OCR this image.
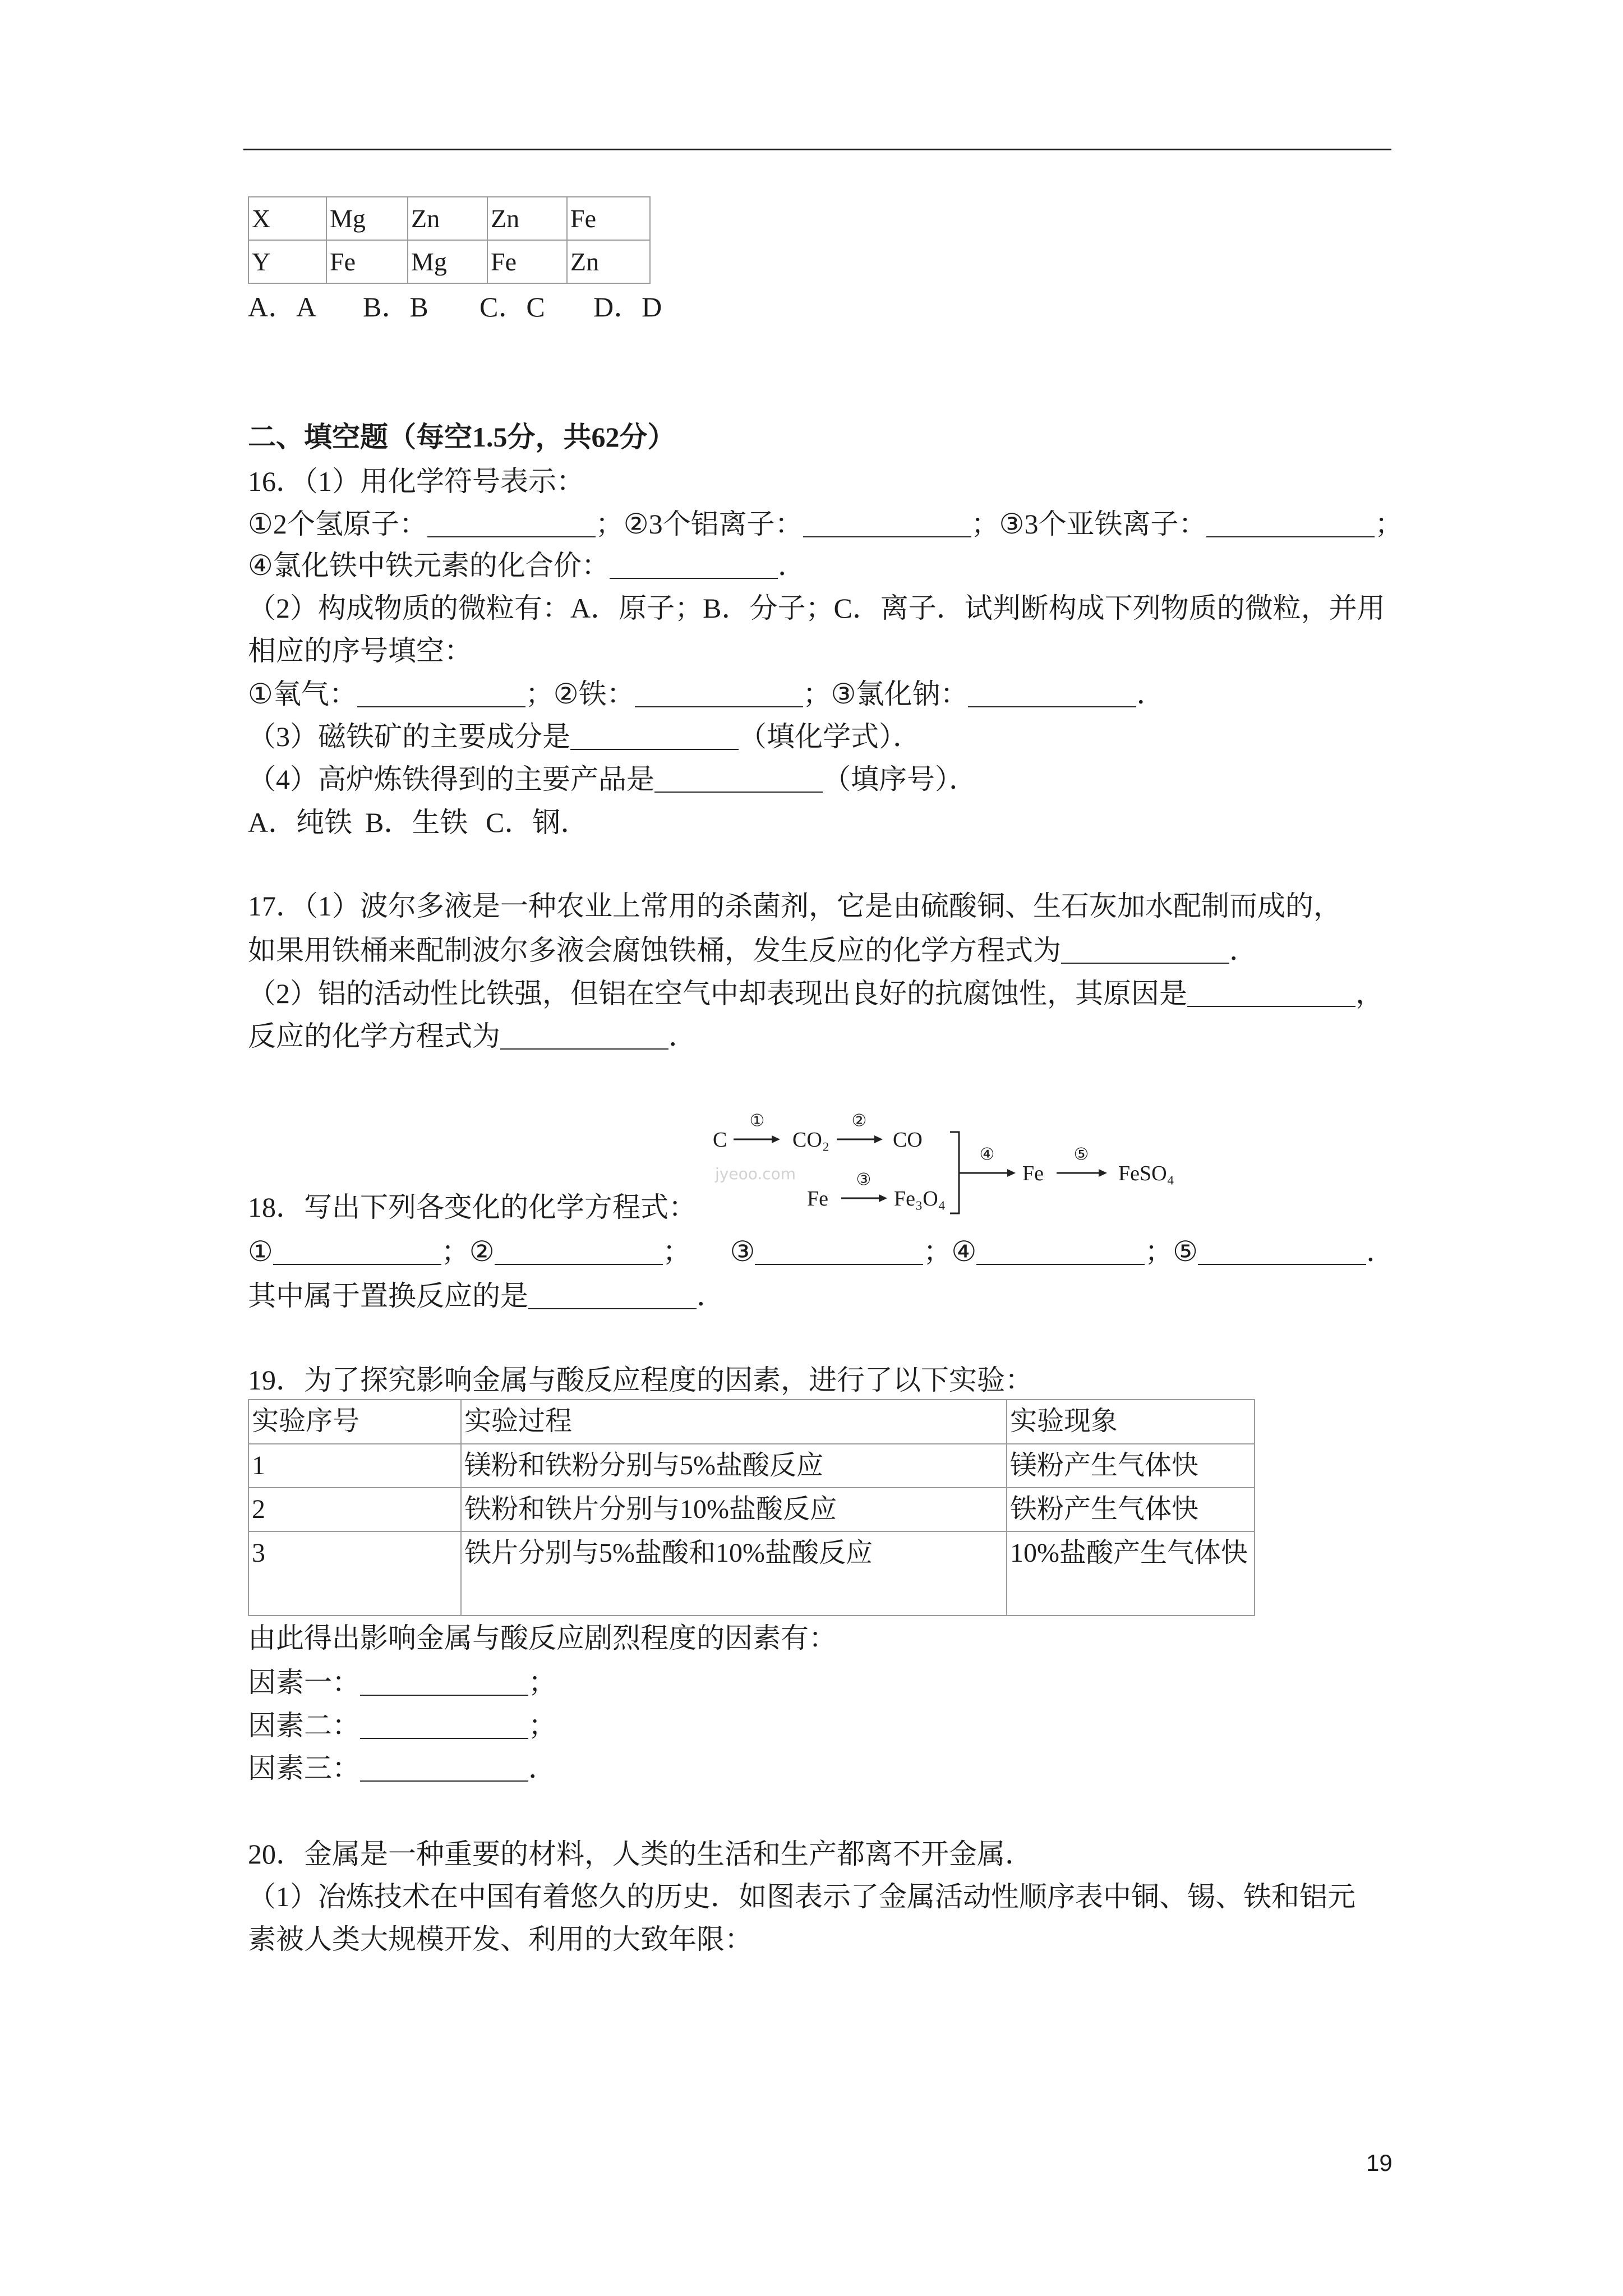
X	Mg	Zn	Zn	Fe
Y	Fe	Mg	Fe	Zn
A．A B．B C．C D．D
二、填空题（每空1.5分，共62分）
16．（1）用化学符号表示：
①2个氢原子：	；②3个铝离子：	；③3个亚铁离子：	；
④氯化铁中铁元素的化合价：	．
（2）构成物质的微粒有：A．原子；B．分子；C．离子．试判断构成下列物质的微粒，并用
相应的序号填空：
①氧气：	；②铁：	；③氯化钠：	．
（3）磁铁矿的主要成分是	（填化学式）．
（4）高炉炼铁得到的主要产品是	（填序号）．
A．纯铁 B．生铁 C．钢．
17．（1）波尔多液是一种农业上常用的杀菌剂，它是由硫酸铜、生石灰加水配制而成的，
如果用铁桶来配制波尔多液会腐蚀铁桶，发生反应的化学方程式为	．
（2）铝的活动性比铁强，但铝在空气中却表现出良好的抗腐蚀性，其原因是	，
反应的化学方程式为	．
jyeoo.com
C
①
CO₂
②
CO
Fe
③
Fe₃O₄
④
Fe
⑤
FeSO₄
18．写出下列各变化的化学方程式：
①	；②	； ③	；④	；⑤	．
其中属于置换反应的是	．
19．为了探究影响金属与酸反应程度的因素，进行了以下实验：
实验序号	实验过程	实验现象
1	镁粉和铁粉分别与5%盐酸反应	镁粉产生气体快
2	铁粉和铁片分别与10%盐酸反应	铁粉产生气体快
3	铁片分别与5%盐酸和10%盐酸反应	10%盐酸产生气体快
由此得出影响金属与酸反应剧烈程度的因素有：
因素一：	；
因素二：	；
因素三：	．
20．金属是一种重要的材料，人类的生活和生产都离不开金属．
（1）冶炼技术在中国有着悠久的历史．如图表示了金属活动性顺序表中铜、锡、铁和铝元
素被人类大规模开发、利用的大致年限：
19
